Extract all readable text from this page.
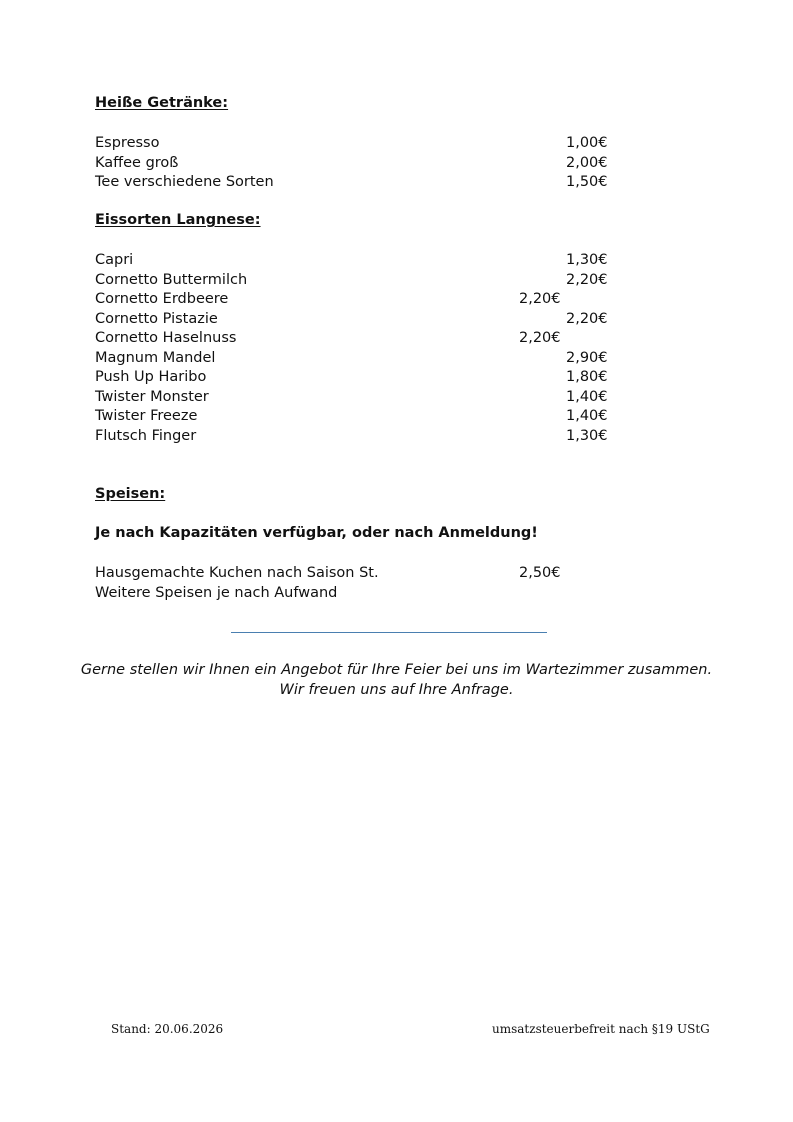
Heiße Getränke:
Espresso	1,00€
Kaffee groß	2,00€
Tee verschiedene Sorten	1,50€
Eissorten Langnese:
Capri	1,30€
Cornetto Buttermilch	2,20€
Cornetto Erdbeere	2,20€
Cornetto Pistazie	2,20€
Cornetto Haselnuss	2,20€
Magnum Mandel	2,90€
Push Up Haribo	1,80€
Twister Monster	1,40€
Twister Freeze	1,40€
Flutsch Finger	1,30€
Speisen:

Je nach Kapazitäten verfügbar, oder nach Anmeldung!

Hausgemachte Kuchen nach Saison St.	2,50€
Weitere Speisen je nach Aufwand
Gerne stellen wir Ihnen ein Angebot für Ihre Feier bei uns im Wartezimmer zusammen.
Wir freuen uns auf Ihre Anfrage.
Stand: 20.06.2026	umsatzsteuerbefreit nach §19 UStG
